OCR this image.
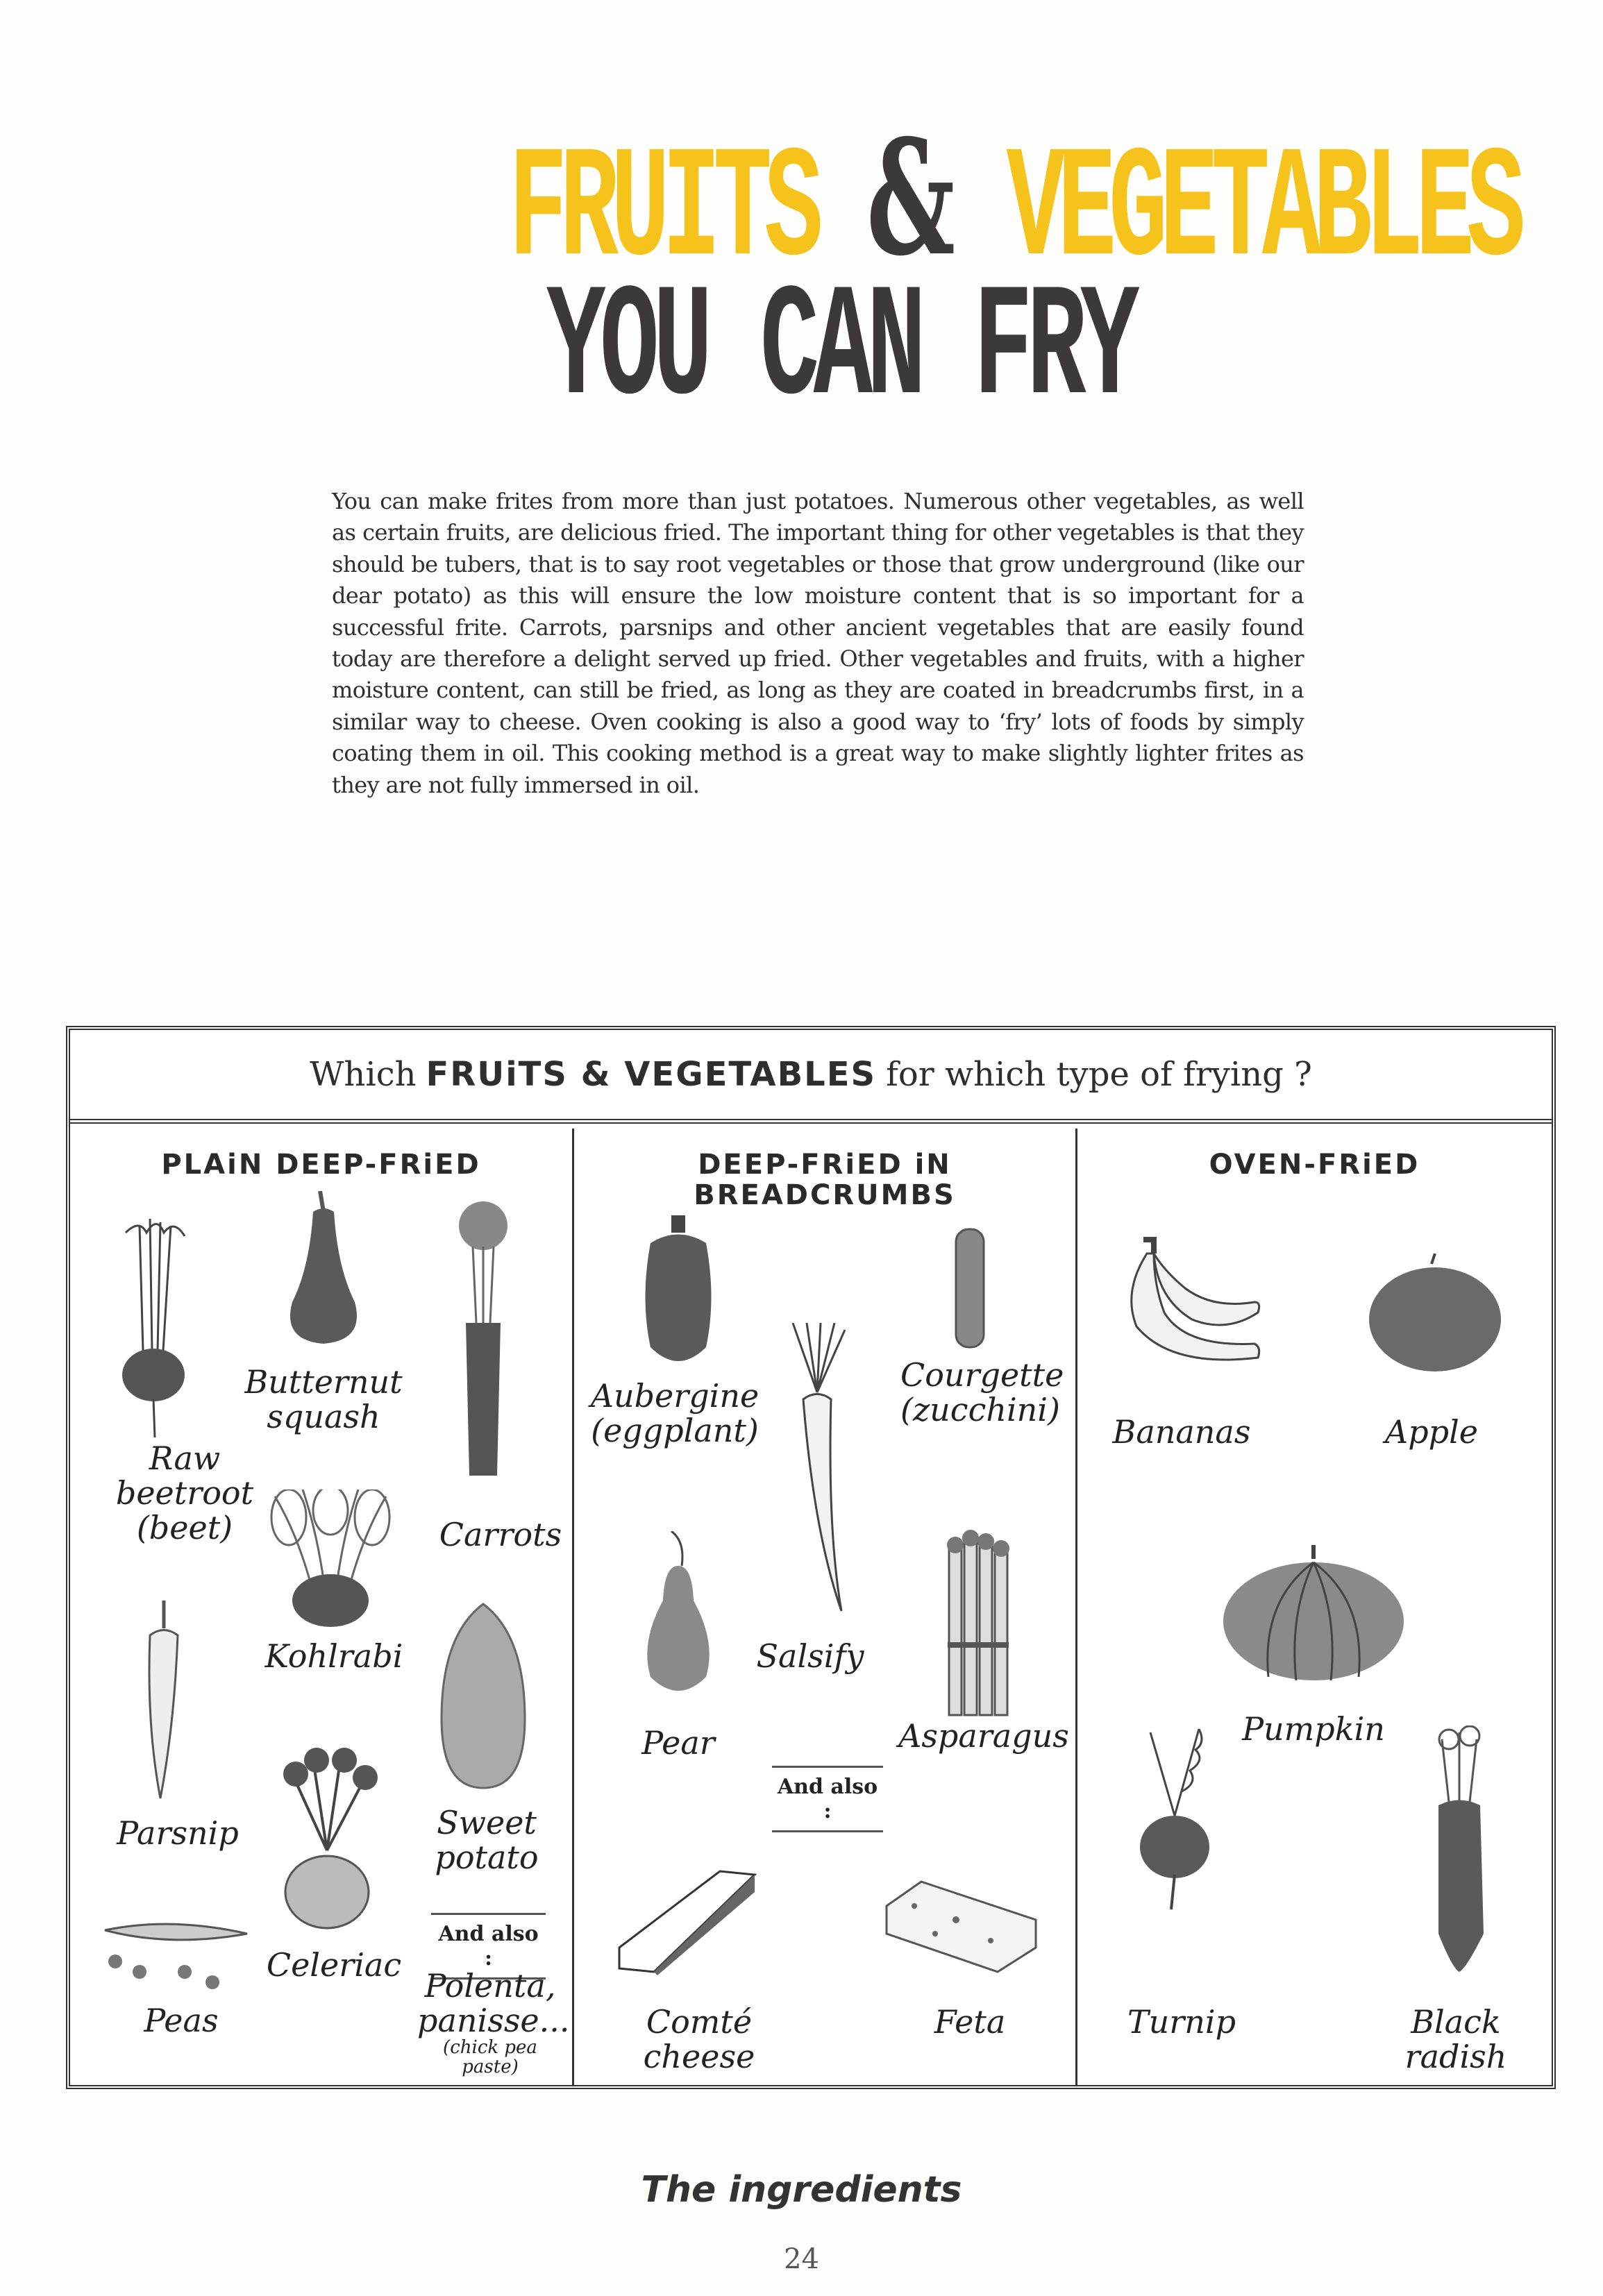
FRUITS & VEGETABLES
YOU CAN FRY

You can make frites from more than just potatoes. Numerous other vegetables, as well as certain fruits, are delicious fried. The important thing for other vegetables is that they should be tubers, that is to say root vegetables or those that grow underground (like our dear potato) as this will ensure the low moisture content that is so important for a successful frite. Carrots, parsnips and other ancient vegetables that are easily found today are therefore a delight served up fried. Other vegetables and fruits, with a higher moisture content, can still be fried, as long as they are coated in breadcrumbs first, in a similar way to cheese. Oven cooking is also a good way to ‘fry’ lots of foods by simply coating them in oil. This cooking method is a great way to make slightly lighter frites as they are not fully immersed in oil.

Which FRUiTS & VEGETABLES for which type of frying ?
PLAiN DEEP-FRiED
Raw
beetroot (beet)
Butternut
squash
Carrots
Kohlrabi
Parsnip	Sweet
potato
Celeriac
Peas
And also :
Polenta,
panisse...
(chick pea paste)
DEEP-FRiED iN BREADCRUMBS
Aubergine
(eggplant)
Courgette
(zucchini)
Salsify
Pear	Asparagus
And also :
Comté cheese
Feta
OVEN-FRiED
Bananas	Apple
Pumpkin
Turnip	Black
radish
The ingredients
24
